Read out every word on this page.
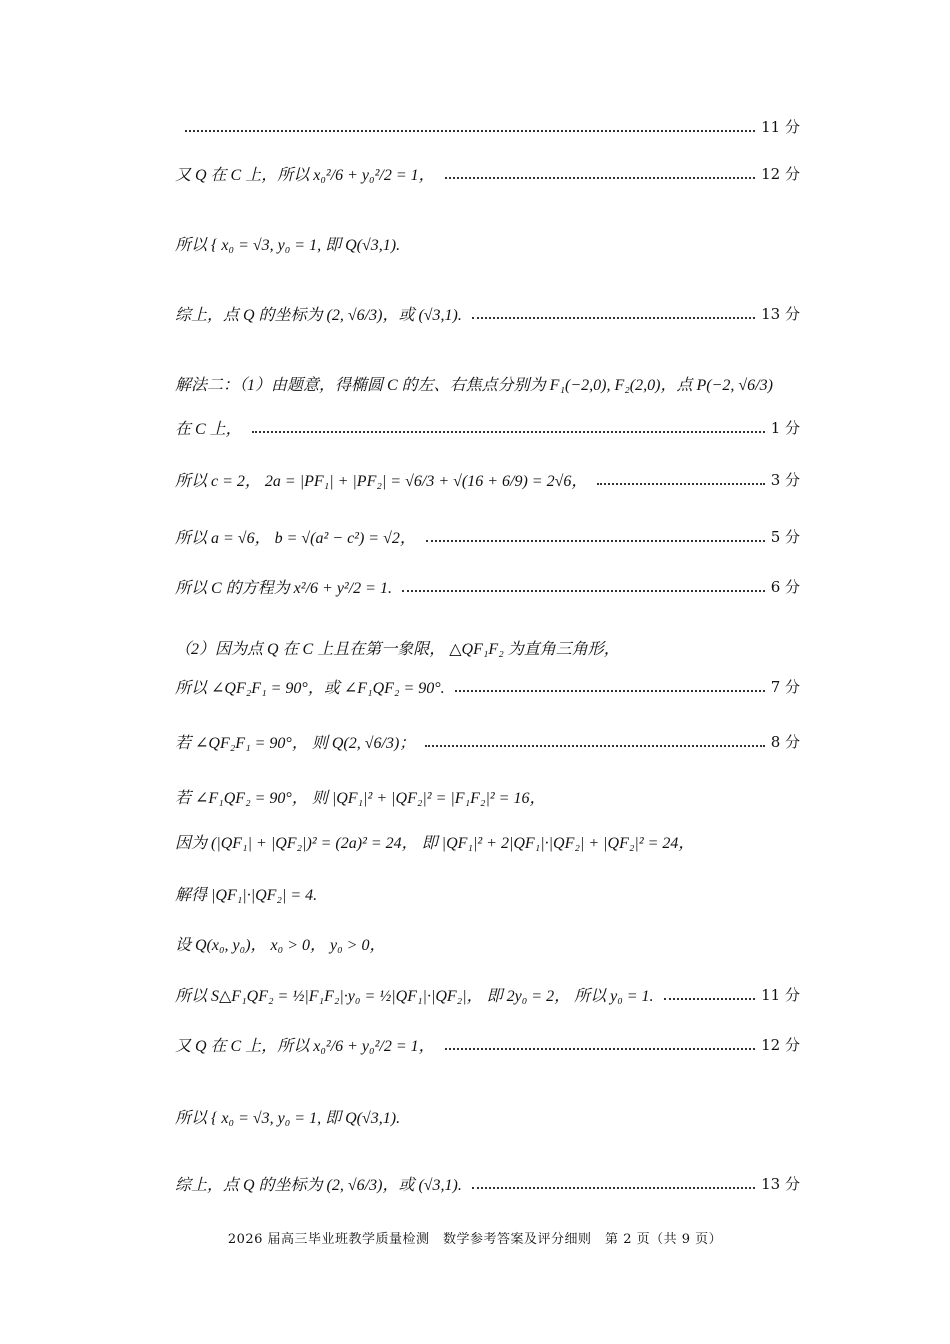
11 分
又 Q 在 C 上，所以 x₀²/6 + y₀²/2 = 1，	12 分
所以 { x₀ = √3, y₀ = 1, 即 Q(√3,1).
综上，点 Q 的坐标为 (2, √6/3)，或 (√3,1).	13 分
解法二：（1）由题意，得椭圆 C 的左、右焦点分别为 F₁(−2,0), F₂(2,0)，点 P(−2, √6/3)
在 C 上，	1 分
所以 c = 2， 2a = |PF₁| + |PF₂| = √6/3 + √(16 + 6/9) = 2√6，	3 分
所以 a = √6， b = √(a² − c²) = √2，	5 分
所以 C 的方程为 x²/6 + y²/2 = 1.	6 分
（2）因为点 Q 在 C 上且在第一象限， △QF₁F₂ 为直角三角形，
所以 ∠QF₂F₁ = 90°，或 ∠F₁QF₂ = 90°.	7 分
若 ∠QF₂F₁ = 90°， 则 Q(2, √6/3)；	8 分
若 ∠F₁QF₂ = 90°， 则 |QF₁|² + |QF₂|² = |F₁F₂|² = 16，
因为 (|QF₁| + |QF₂|)² = (2a)² = 24， 即 |QF₁|² + 2|QF₁|·|QF₂| + |QF₂|² = 24，
解得 |QF₁|·|QF₂| = 4.
设 Q(x₀, y₀)， x₀ > 0， y₀ > 0，
所以 S△F₁QF₂ = ½|F₁F₂|·y₀ = ½|QF₁|·|QF₂|， 即 2y₀ = 2， 所以 y₀ = 1.	11 分
又 Q 在 C 上，所以 x₀²/6 + y₀²/2 = 1，	12 分
所以 { x₀ = √3, y₀ = 1, 即 Q(√3,1).
综上，点 Q 的坐标为 (2, √6/3)，或 (√3,1).	13 分
2026 届高三毕业班教学质量检测　数学参考答案及评分细则　第 2 页（共 9 页）
